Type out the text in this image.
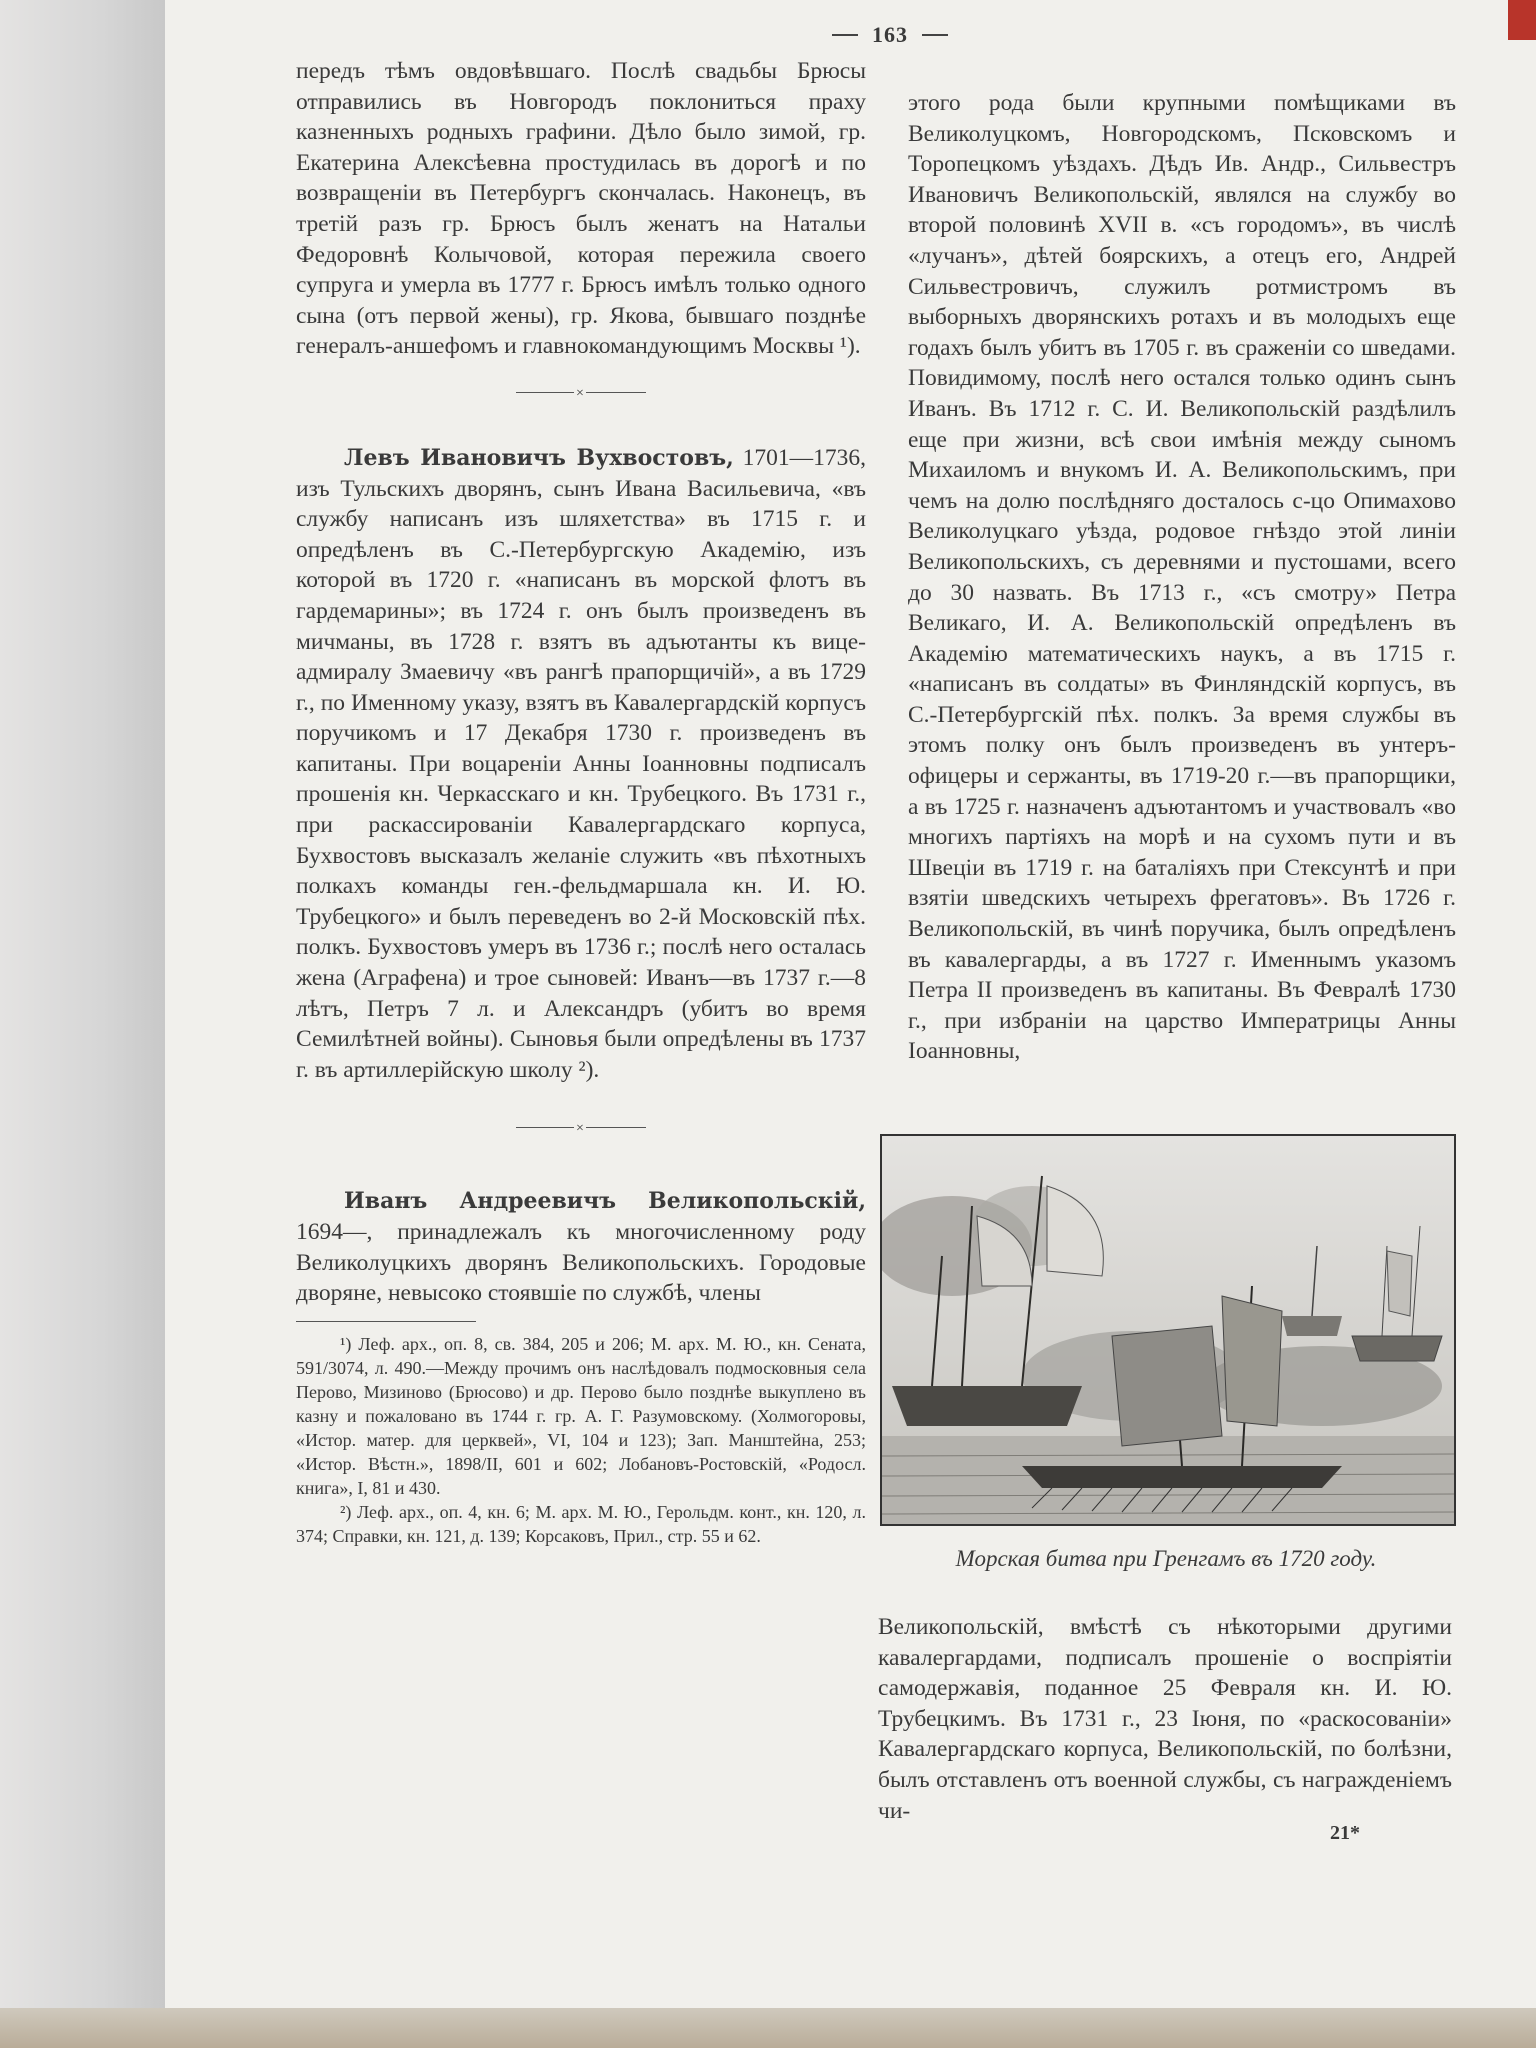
163

передъ тѣмъ овдовѣвшаго. Послѣ свадьбы Брюсы отправились въ Новгородъ поклониться праху казненныхъ родныхъ графини. Дѣло было зимой, гр. Екатерина Алексѣевна простудилась въ дорогѣ и по возвращеніи въ Петербургъ скончалась. Наконецъ, въ третій разъ гр. Брюсъ былъ женатъ на Натальи Федоровнѣ Колычовой, которая пережила своего супруга и умерла въ 1777 г. Брюсъ имѣлъ только одного сына (отъ первой жены), гр. Якова, бывшаго позднѣе генералъ-аншефомъ и главнокомандующимъ Москвы ¹).

×

Левъ Ивановичъ Вухвостовъ, 1701—1736, изъ Тульскихъ дворянъ, сынъ Ивана Васильевича, «въ службу написанъ изъ шляхетства» въ 1715 г. и опредѣленъ въ С.-Петербургскую Академію, изъ которой въ 1720 г. «написанъ въ морской флотъ въ гардемарины»; въ 1724 г. онъ былъ произведенъ въ мичманы, въ 1728 г. взятъ въ адъютанты къ вице-адмиралу Змаевичу «въ рангѣ прапорщичій», а въ 1729 г., по Именному указу, взятъ въ Кавалергардскій корпусъ поручикомъ и 17 Декабря 1730 г. произведенъ въ капитаны. При воцареніи Анны Іоанновны подписалъ прошенія кн. Черкасскаго и кн. Трубецкого. Въ 1731 г., при раскассированіи Кавалергардскаго корпуса, Бухвостовъ высказалъ желаніе служить «въ пѣхотныхъ полкахъ команды ген.-фельдмаршала кн. И. Ю. Трубецкого» и былъ переведенъ во 2-й Московскій пѣх. полкъ. Бухвостовъ умеръ въ 1736 г.; послѣ него осталась жена (Аграфена) и трое сыновей: Иванъ—въ 1737 г.—8 лѣтъ, Петръ 7 л. и Александръ (убитъ во время Семилѣтней войны). Сыновья были опредѣлены въ 1737 г. въ артиллерійскую школу ²).

×

Иванъ Андреевичъ Великопольскій, 1694—, принадлежалъ къ многочисленному роду Великолуцкихъ дворянъ Великопольскихъ. Городовые дворяне, невысоко стоявшіе по службѣ, члены

¹) Леф. арх., оп. 8, св. 384, 205 и 206; М. арх. М. Ю., кн. Сената, 591/3074, л. 490.—Между прочимъ онъ наслѣдовалъ подмосковныя села Перово, Мизиново (Брюсово) и др. Перово было позднѣе выкуплено въ казну и пожаловано въ 1744 г. гр. А. Г. Разумовскому. (Холмогоровы, «Истор. матер. для церквей», VI, 104 и 123); Зап. Манштейна, 253; «Истор. Вѣстн.», 1898/II, 601 и 602; Лобановъ-Ростовскій, «Родосл. книга», I, 81 и 430.

²) Леф. арх., оп. 4, кн. 6; М. арх. М. Ю., Герольдм. конт., кн. 120, л. 374; Справки, кн. 121, д. 139; Корсаковъ, Прил., стр. 55 и 62.

этого рода были крупными помѣщиками въ Великолуцкомъ, Новгородскомъ, Псковскомъ и Торопецкомъ уѣздахъ. Дѣдъ Ив. Андр., Сильвестръ Ивановичъ Великопольскій, являлся на службу во второй половинѣ XVII в. «съ городомъ», въ числѣ «лучанъ», дѣтей боярскихъ, а отецъ его, Андрей Сильвестровичъ, служилъ ротмистромъ въ выборныхъ дворянскихъ ротахъ и въ молодыхъ еще годахъ былъ убитъ въ 1705 г. въ сраженіи со шведами. Повидимому, послѣ него остался только одинъ сынъ Иванъ. Въ 1712 г. С. И. Великопольскій раздѣлилъ еще при жизни, всѣ свои имѣнія между сыномъ Михаиломъ и внукомъ И. А. Великопольскимъ, при чемъ на долю послѣдняго досталось с-цо Опимахово Великолуцкаго уѣзда, родовое гнѣздо этой линіи Великопольскихъ, съ деревнями и пустошами, всего до 30 назвать. Въ 1713 г., «съ смотру» Петра Великаго, И. А. Великопольскій опредѣленъ въ Академію математическихъ наукъ, а въ 1715 г. «написанъ въ солдаты» въ Финляндскій корпусъ, въ С.-Петербургскій пѣх. полкъ. За время службы въ этомъ полку онъ былъ произведенъ въ унтеръ-офицеры и сержанты, въ 1719-20 г.—въ прапорщики, а въ 1725 г. назначенъ адъютантомъ и участвовалъ «во многихъ партіяхъ на морѣ и на сухомъ пути и въ Швеціи въ 1719 г. на баталіяхъ при Стексунтѣ и при взятіи шведскихъ четырехъ фрегатовъ». Въ 1726 г. Великопольскій, въ чинѣ поручика, былъ опредѣленъ въ кавалергарды, а въ 1727 г. Именнымъ указомъ Петра II произведенъ въ капитаны. Въ Февралѣ 1730 г., при избраніи на царство Императрицы Анны Іоанновны,

Морская битва при Гренгамъ въ 1720 году.

Великопольскій, вмѣстѣ съ нѣкоторыми другими кавалергардами, подписалъ прошеніе о воспріятіи самодержавія, поданное 25 Февраля кн. И. Ю. Трубецкимъ. Въ 1731 г., 23 Іюня, по «раскосованіи» Кавалергардскаго корпуса, Великопольскій, по болѣзни, былъ отставленъ отъ военной службы, съ награжденіемъ чи-

21*
